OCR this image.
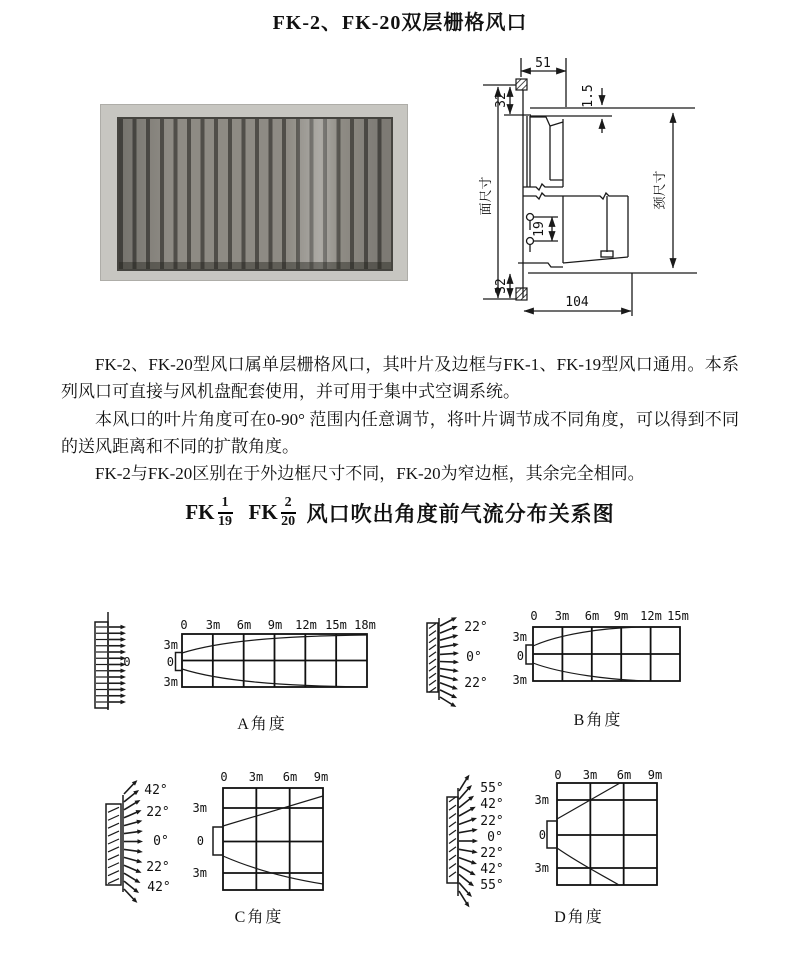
FK-2、FK-20双层栅格风口
51
32	1.5
19
32
104
面尺寸	颈尺寸

FK-2、FK-20型风口属单层栅格风口，其叶片及边框与FK-1、FK-19型风口通用。本系列风口可直接与风机盘配套使用，并可用于集中式空调系统。

本风口的叶片角度可在0-90° 范围内任意调节，将叶片调节成不同角度，可以得到不同的送风距离和不同的扩散角度。

FK-2与FK-20区别在于外边框尺寸不同，FK-20为窄边框，其余完全相同。

FK $\frac{1}{19}$ FK $\frac{2}{20}$ 风口吹出角度前气流分布关系图
0
0 3m 6m 9m 12m 15m 18m
3m
0
3m
A角度
22°
0°
22°
0 3m 6m 9m 12m 15m
3m
0
3m
B角度
42°
22°
0°
22°
42°
0 3m 6m 9m
3m
0
3m
C角度
55°
42°
22°
0°
22°
42°
55°
0 3m 6m 9m
3m
0
3m
D角度
